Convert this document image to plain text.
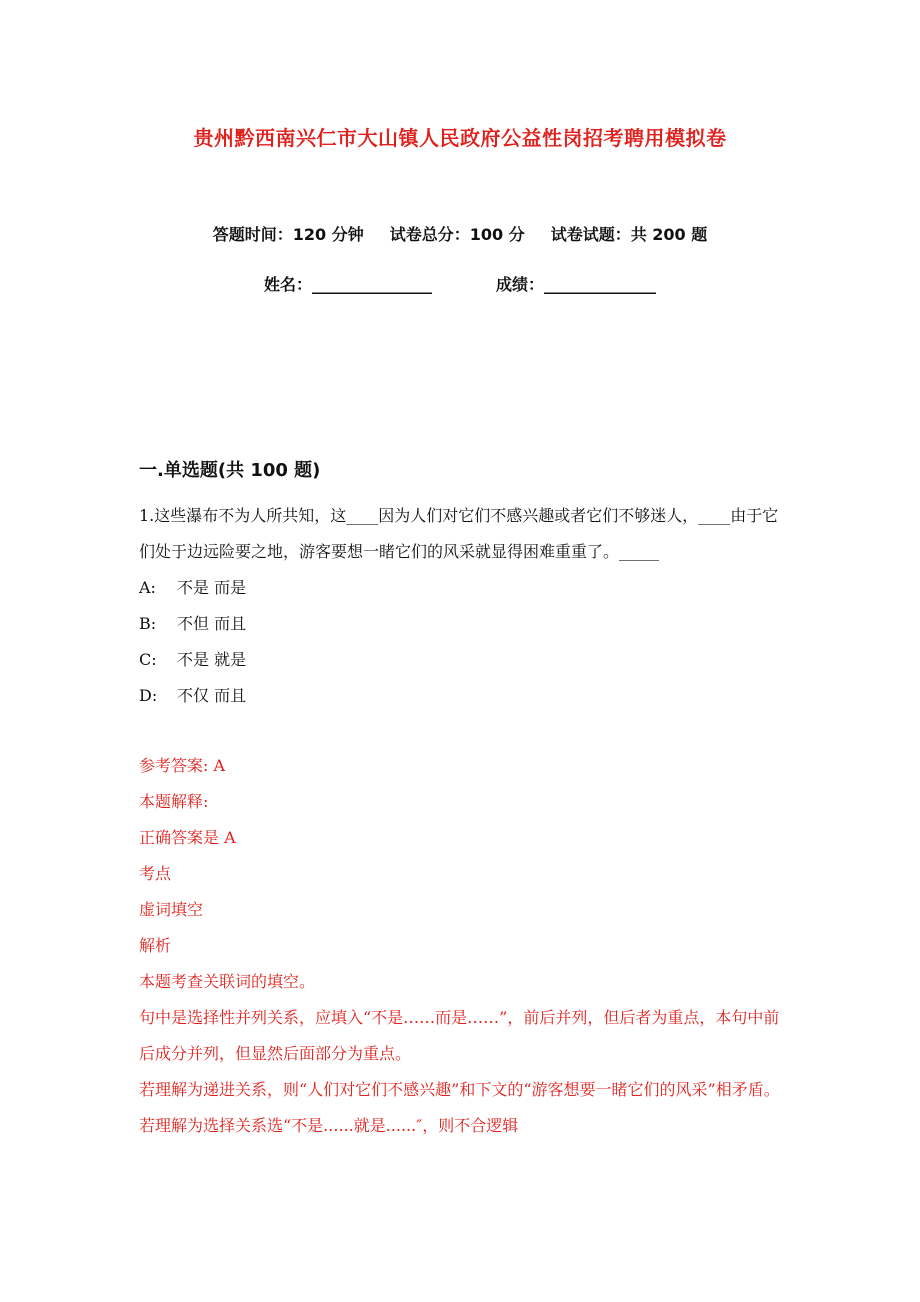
贵州黔西南兴仁市大山镇人民政府公益性岗招考聘用模拟卷
答题时间：120 分钟 试卷总分：100 分 试卷试题：共 200 题
姓名：_______________	成绩：______________
一.单选题(共 100 题)

1.这些瀑布不为人所共知，这____因为人们对它们不感兴趣或者它们不够迷人，____由于它们处于边远险要之地，游客要想一睹它们的风采就显得困难重重了。_____

A: 不是 而是
B: 不但 而且
C: 不是 就是
D: 不仅 而且

参考答案: A

本题解释:

正确答案是 A

考点

虚词填空

解析

本题考查关联词的填空。

句中是选择性并列关系，应填入“不是……而是……”，前后并列，但后者为重点，本句中前后成分并列，但显然后面部分为重点。

若理解为递进关系，则“人们对它们不感兴趣”和下文的“游客想要一睹它们的风采”相矛盾。若理解为选择关系选“不是......就是......″，则不合逻辑
